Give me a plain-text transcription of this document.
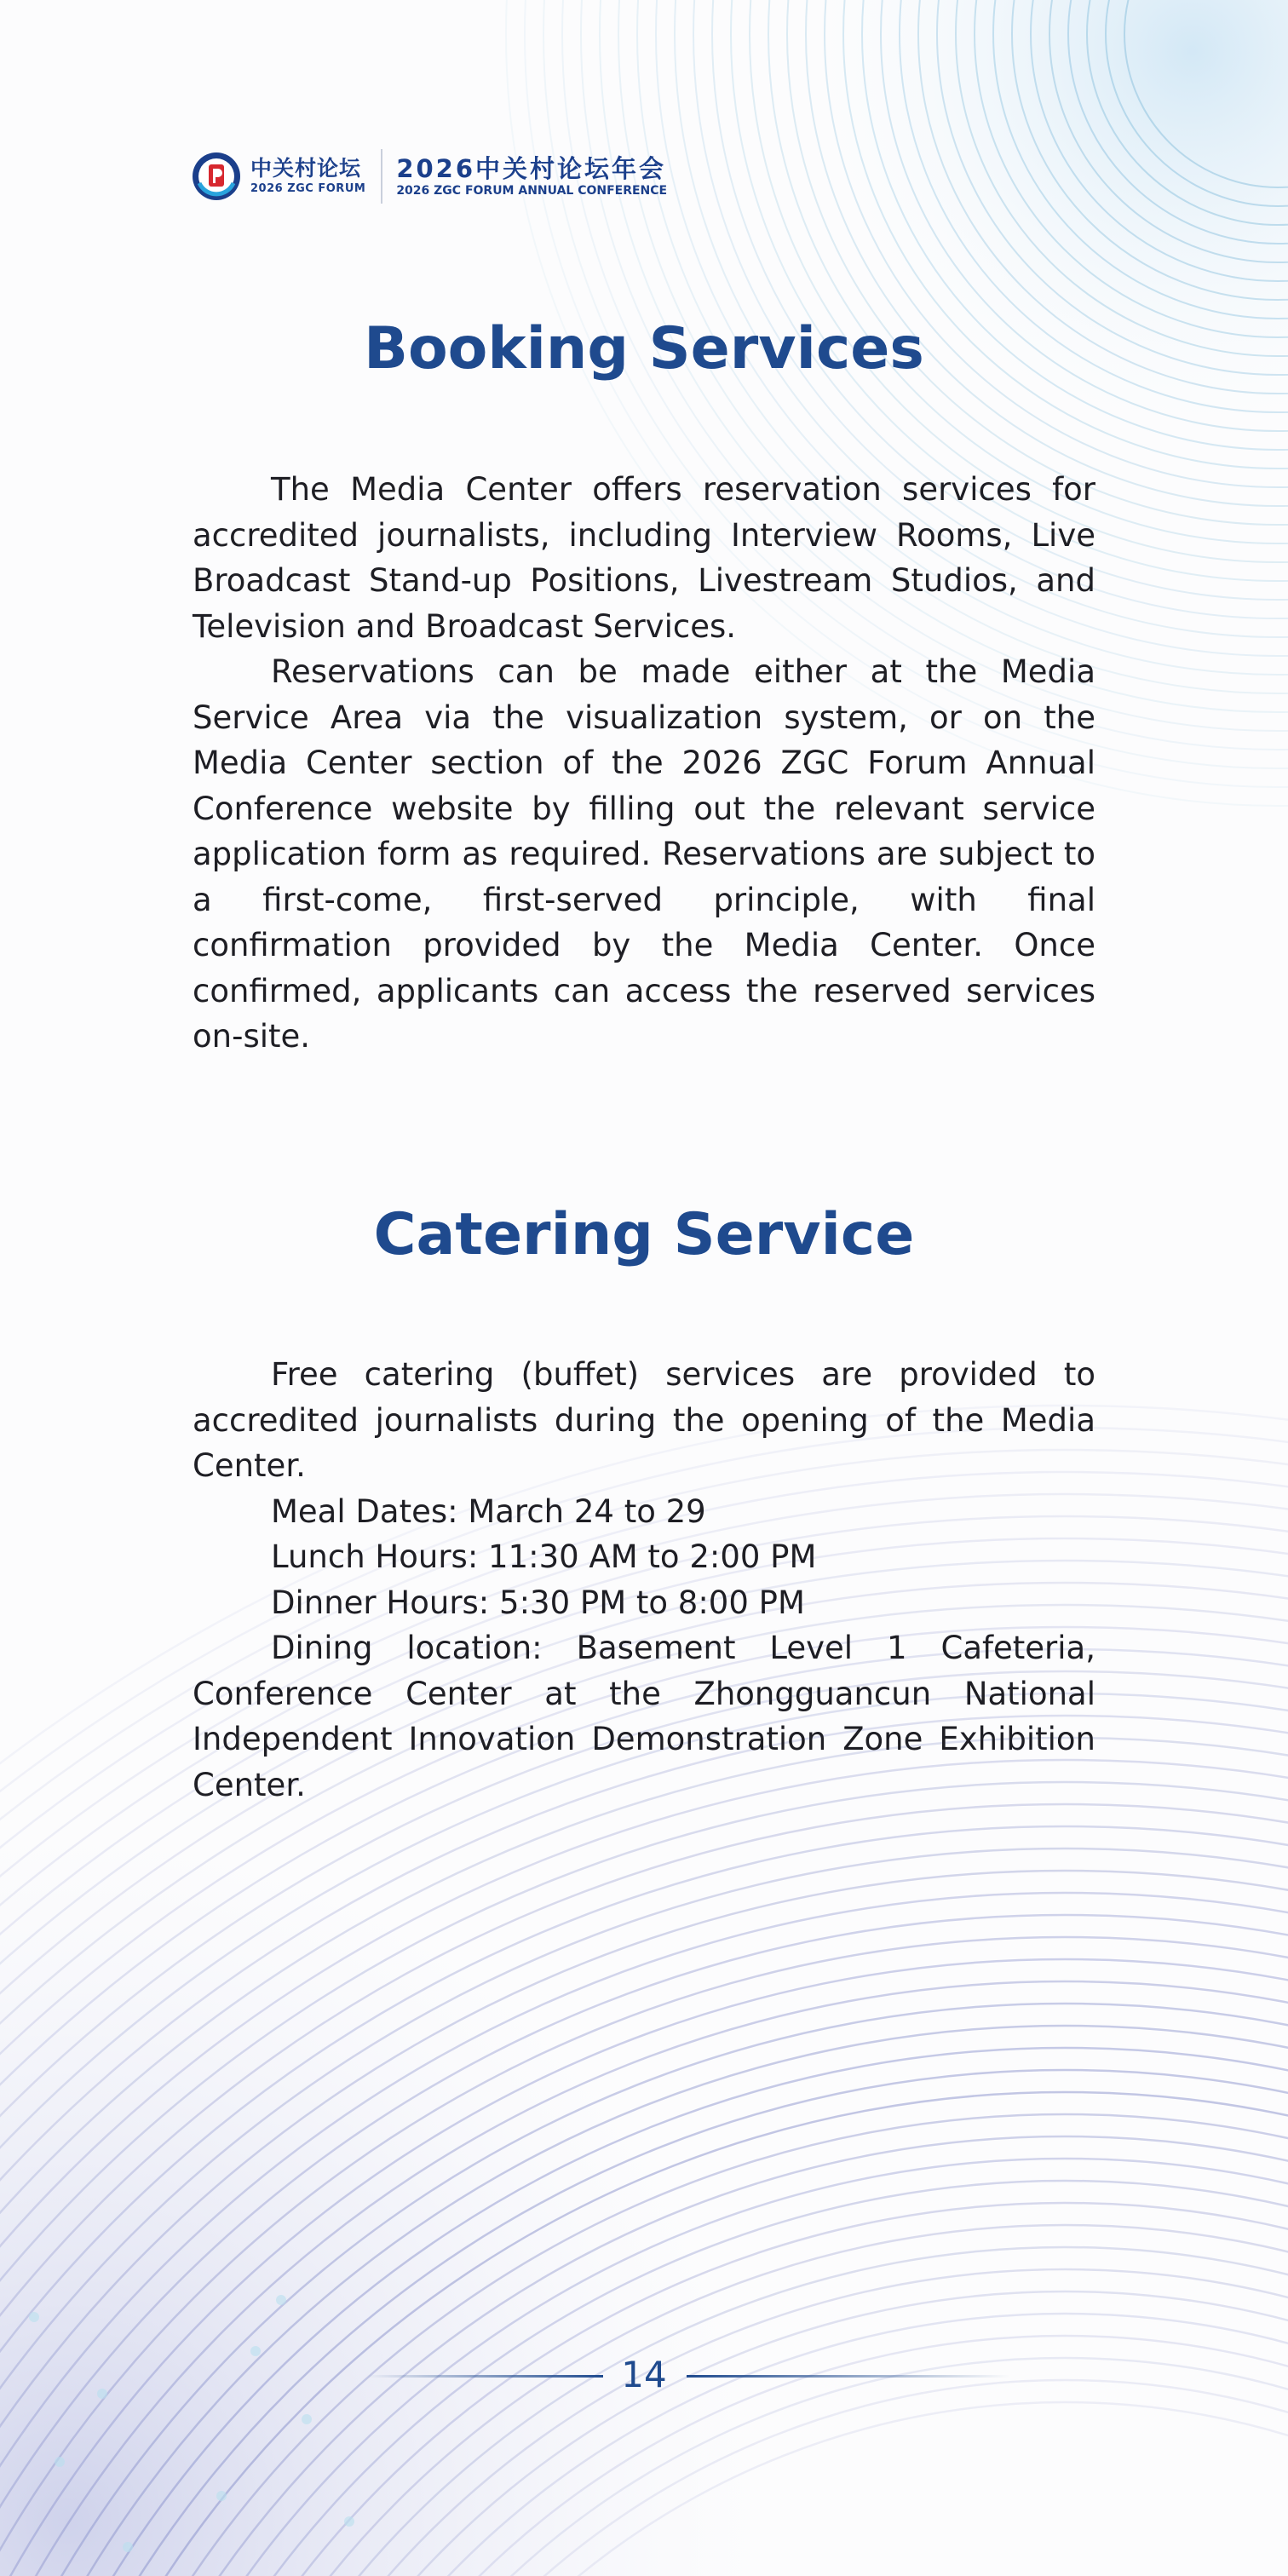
中关村论坛
2026 ZGC FORUM
2026中关村论坛年会
2026 ZGC FORUM ANNUAL CONFERENCE
Booking Services

The Media Center offers reservation services for accredited journalists, including Interview Rooms, Live Broadcast Stand-up Positions, Livestream Studios, and Television and Broadcast Services.

Reservations can be made either at the Media Service Area via the visualization system, or on the Media Center section of the 2026 ZGC Forum Annual Conference website by filling out the relevant service application form as required. Reservations are subject to a first-come, first-served principle, with final confirmation provided by the Media Center. Once confirmed, applicants can access the reserved services on-site.

Catering Service

Free catering (buffet) services are provided to accredited journalists during the opening of the Media Center.

Meal Dates: March 24 to 29

Lunch Hours: 11:30 AM to 2:00 PM

Dinner Hours: 5:30 PM to 8:00 PM

Dining location: Basement Level 1 Cafeteria, Conference Center at the Zhongguancun National Independent Innovation Demonstration Zone Exhibition Center.

14
